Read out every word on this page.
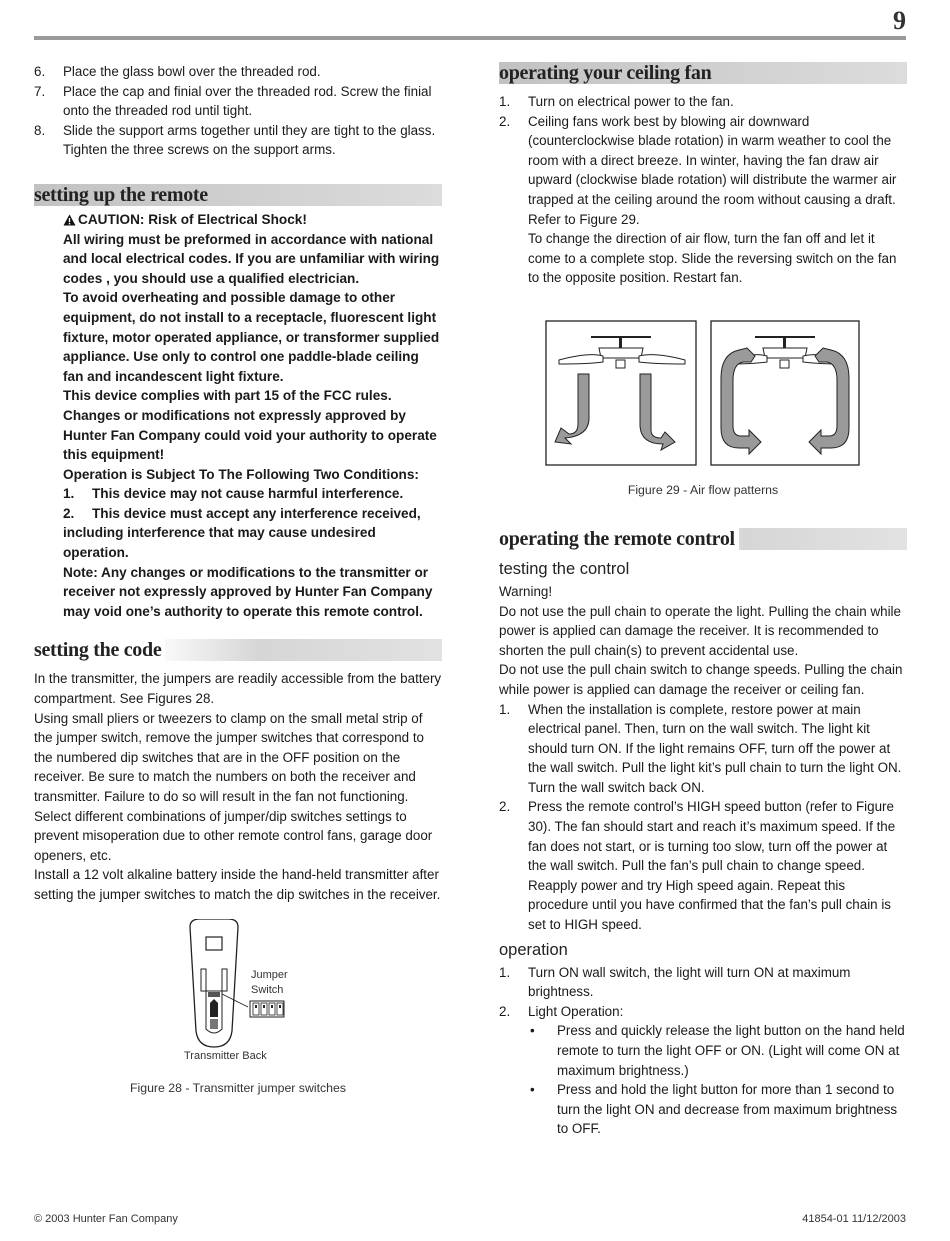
9
6. Place the glass bowl over the threaded rod.
7. Place the cap and finial over the threaded rod. Screw the finial onto the threaded rod until tight.
8. Slide the support arms together until they are tight to the glass. Tighten the three screws on the support arms.
setting up the remote
CAUTION: Risk of Electrical Shock!

All wiring must be preformed in accordance with national and local electrical codes. If you are unfamiliar with wiring codes , you should use a qualified electrician.

To avoid overheating and possible damage to other equipment, do not install to a receptacle, fluorescent light fixture, motor operated appliance, or transformer supplied appliance. Use only to control one paddle-blade ceiling fan and incandescent light fixture.

This device complies with part 15 of the FCC rules. Changes or modifications not expressly approved by Hunter Fan Company could void your authority to operate this equipment!

Operation is Subject To The Following Two Conditions:

1.	This device may not cause harmful interference.
2. This device must accept any interference received, including interference that may cause undesired operation.

Note: Any changes or modifications to the transmitter or receiver not expressly approved by Hunter Fan Company may void one’s authority to operate this remote control.

setting the code

In the transmitter, the jumpers are readily accessible from the battery compartment. See Figures 28.

Using small pliers or tweezers to clamp on the small metal strip of the jumper switch, remove the jumper switches that correspond to the numbered dip switches that are in the OFF position on the receiver. Be sure to match the numbers on both the receiver and transmitter. Failure to do so will result in the fan not functioning.

Select different combinations of jumper/dip switches settings to prevent misoperation due to other remote control fans, garage door openers, etc.

Install a 12 volt alkaline battery inside the hand-held transmitter after setting the jumper switches to match the dip switches in the receiver.

Jumper
Switch
Transmitter Back
Figure 28 - Transmitter jumper switches
operating your ceiling fan
1. Turn on electrical power to the fan.
2. Ceiling fans work best by blowing air downward (counterclockwise blade rotation) in warm weather to cool the room with a direct breeze. In winter, having the fan draw air upward (clockwise blade rotation) will distribute the warmer air trapped at the ceiling around the room without causing a draft. Refer to Figure 29.

To change the direction of air flow, turn the fan off and let it come to a complete stop. Slide the reversing switch on the fan to the opposite position. Restart fan.

Figure 29 - Air flow patterns
operating the remote control
testing the control

Warning!

Do not use the pull chain to operate the light. Pulling the chain while power is applied can damage the receiver. It is recommended to shorten the pull chain(s) to prevent accidental use.

Do not use the pull chain switch to change speeds. Pulling the chain while power is applied can damage the receiver or ceiling fan.

1. When the installation is complete, restore power at main electrical panel. Then, turn on the wall switch. The light kit should turn ON. If the light remains OFF, turn off the power at the wall switch. Pull the light kit’s pull chain to turn the light ON. Turn the wall switch back ON.
2. Press the remote control’s HIGH speed button (refer to Figure 30). The fan should start and reach it’s maximum speed. If the fan does not start, or is turning too slow, turn off the power at the wall switch. Pull the fan’s pull chain to change speed. Reapply power and try High speed again. Repeat this procedure until you have confirmed that the fan’s pull chain is set to HIGH speed.
operation
1. Turn ON wall switch, the light will turn ON at maximum brightness.
2. Light Operation:
• Press and quickly release the light button on the hand held remote to turn the light OFF or ON. (Light will come ON at maximum brightness.)
• Press and hold the light button for more than 1 second to turn the light ON and decrease from maximum brightness to OFF.
© 2003 Hunter Fan Company	41854-01 11/12/2003
